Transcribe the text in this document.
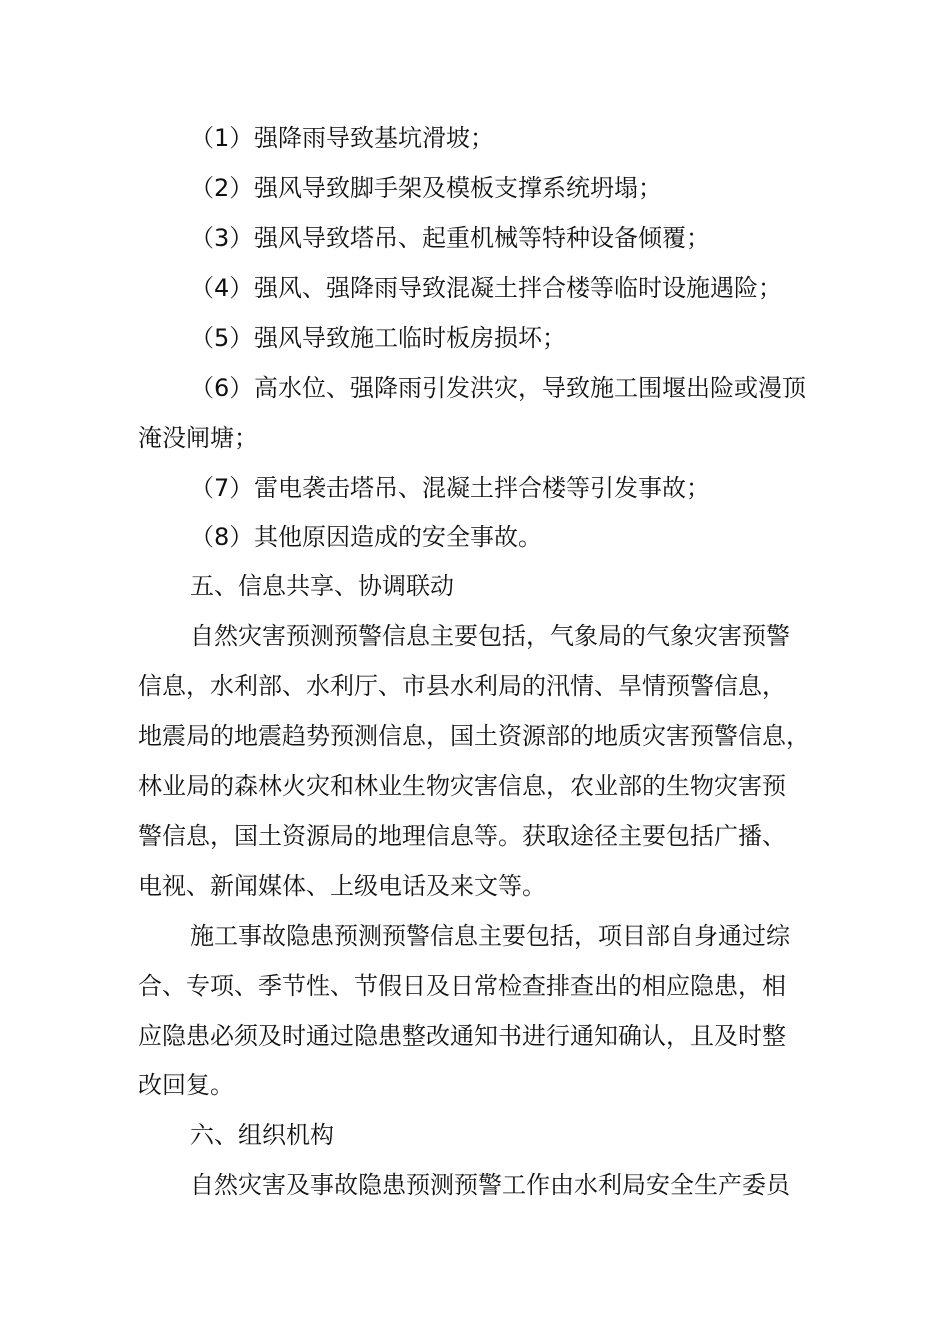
（1）强降雨导致基坑滑坡；
（2）强风导致脚手架及模板支撑系统坍塌；
（3）强风导致塔吊、起重机械等特种设备倾覆；
（4）强风、强降雨导致混凝土拌合楼等临时设施遇险；
（5）强风导致施工临时板房损坏；
（6）高水位、强降雨引发洪灾，导致施工围堰出险或漫顶
淹没闸塘；
（7）雷电袭击塔吊、混凝土拌合楼等引发事故；
（8）其他原因造成的安全事故。
五、信息共享、协调联动
自然灾害预测预警信息主要包括，气象局的气象灾害预警
信息，水利部、水利厅、市县水利局的汛情、旱情预警信息，
地震局的地震趋势预测信息，国土资源部的地质灾害预警信息，
林业局的森林火灾和林业生物灾害信息，农业部的生物灾害预
警信息，国土资源局的地理信息等。获取途径主要包括广播、
电视、新闻媒体、上级电话及来文等。
施工事故隐患预测预警信息主要包括，项目部自身通过综
合、专项、季节性、节假日及日常检查排查出的相应隐患，相
应隐患必须及时通过隐患整改通知书进行通知确认，且及时整
改回复。
六、组织机构
自然灾害及事故隐患预测预警工作由水利局安全生产委员
